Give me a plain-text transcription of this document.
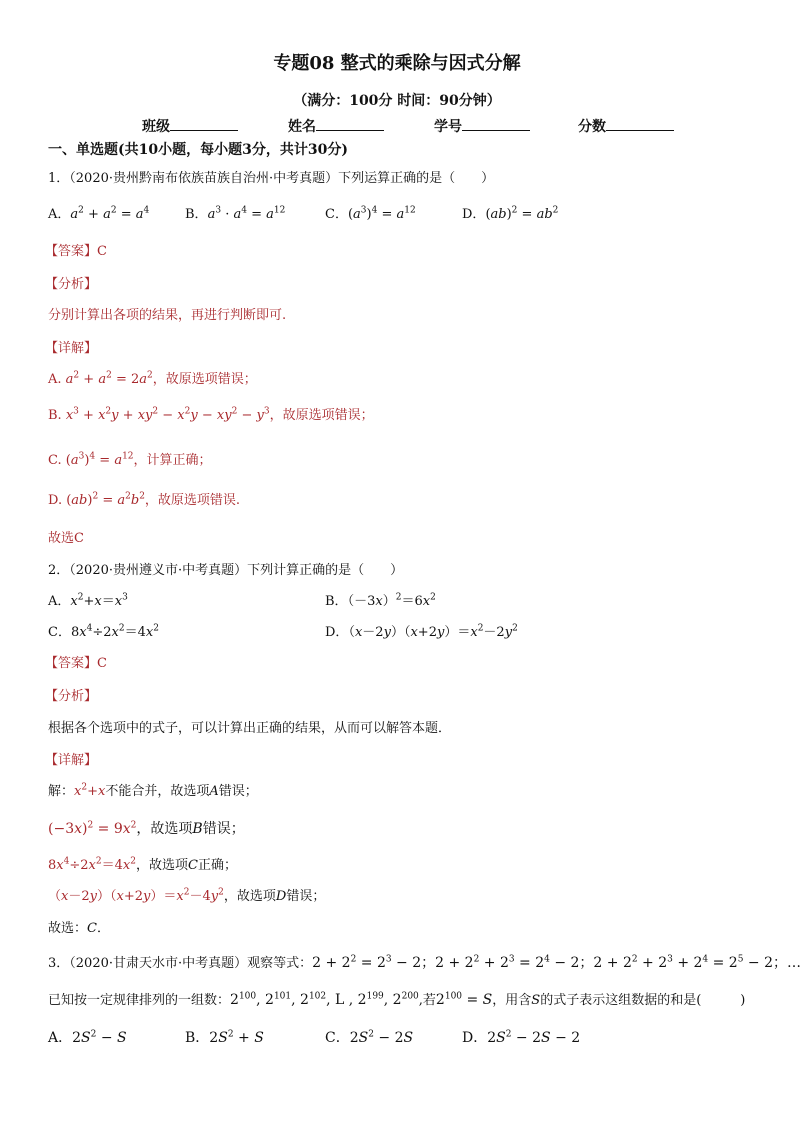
专题08 整式的乘除与因式分解
（满分：100分 时间：90分钟）
班级	姓名	学号	分数
一、单选题(共10小题，每小题3分，共计30分)
1．（2020·贵州黔南布依族苗族自治州·中考真题）下列运算正确的是（　　）
A．$a^2 + a^2 = a^4$	B．$a^3 \cdot a^4 = a^{12}$	C．$(a^3)^4 = a^{12}$	D．$(ab)^2 = ab^2$
【答案】C
【分析】
分别计算出各项的结果，再进行判断即可.
【详解】
A. $a^2 + a^2 = 2a^2$，故原选项错误；
B. $x^3 + x^2y + xy^2 - x^2y - xy^2 - y^3$，故原选项错误；
C. $(a^3)^4 = a^{12}$，计算正确；
D. $(ab)^2 = a^2b^2$，故原选项错误.
故选C
2．（2020·贵州遵义市·中考真题）下列计算正确的是（　　）
A．$x^2+x=x^3$	B．$(-3x)^2=6x^2$
C．$8x^4\div 2x^2=4x^2$	D．$(x-2y)(x+2y)=x^2-2y^2$
【答案】C
【分析】
根据各个选项中的式子，可以计算出正确的结果，从而可以解答本题．
【详解】
解：$x^2+x$不能合并，故选项A错误；
$(-3x)^2 = 9x^2$，故选项B错误；
$8x^4\div 2x^2=4x^2$，故选项C正确；
$(x-2y)(x+2y)=x^2-4y^2$，故选项D错误；
故选：C．
3．（2020·甘肃天水市·中考真题）观察等式：$2 + 2^2 = 2^3 - 2$；$2 + 2^2 + 2^3 = 2^4 - 2$；$2 + 2^2 + 2^3 + 2^4 = 2^5 - 2$；…
已知按一定规律排列的一组数：$2^{100}$, $2^{101}$, $2^{102}$, L , $2^{199}$, $2^{200}$,若$2^{100} = S$，用含S的式子表示这组数据的和是(　　　)
A．$2S^2 - S$	B．$2S^2 + S$	C．$2S^2 - 2S$	D．$2S^2 - 2S - 2$
